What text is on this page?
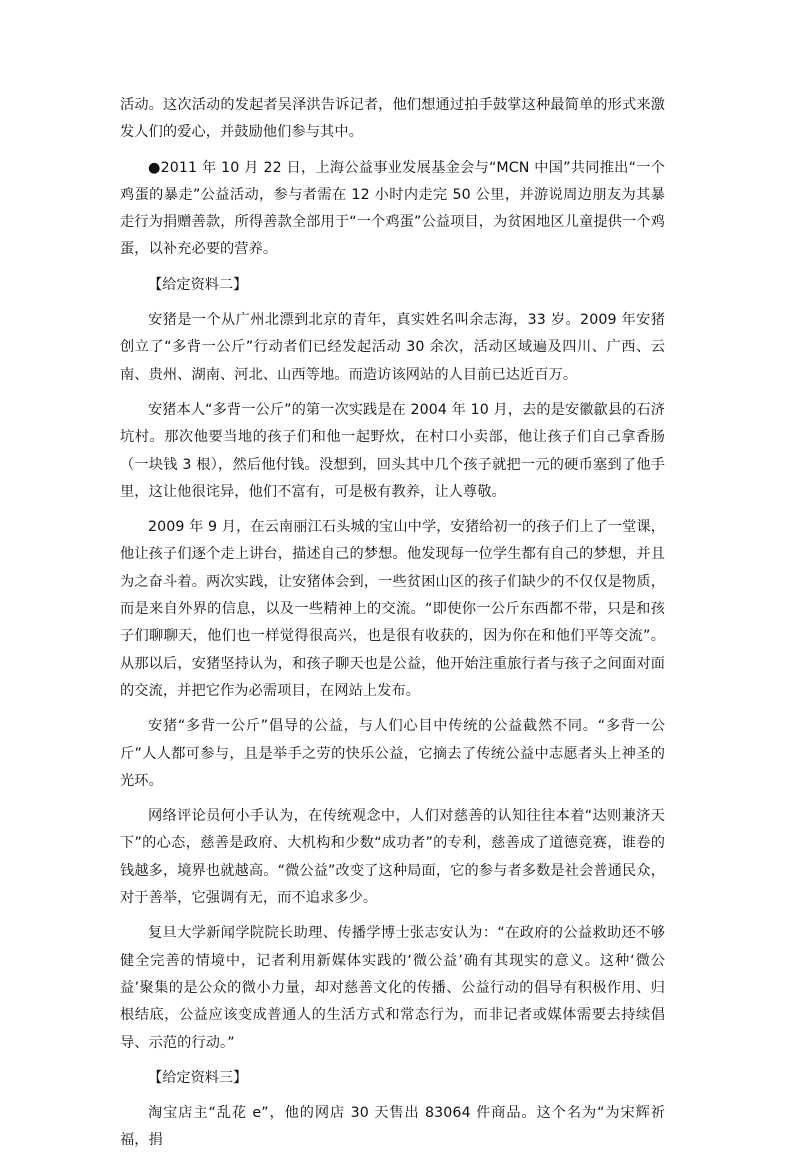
活动。这次活动的发起者吴泽洪告诉记者，他们想通过拍手鼓掌这种最简单的形式来激发人们的爱心，并鼓励他们参与其中。

●2011 年 10 月 22 日，上海公益事业发展基金会与“MCN 中国”共同推出“一个鸡蛋的暴走”公益活动，参与者需在 12 小时内走完 50 公里，并游说周边朋友为其暴走行为捐赠善款，所得善款全部用于“一个鸡蛋”公益项目，为贫困地区儿童提供一个鸡蛋，以补充必要的营养。

【给定资料二】

安猪是一个从广州北漂到北京的青年，真实姓名叫余志海，33 岁。2009 年安猪创立了“多背一公斤”行动者们已经发起活动 30 余次，活动区域遍及四川、广西、云南、贵州、湖南、河北、山西等地。而造访该网站的人目前已达近百万。

安猪本人“多背一公斤”的第一次实践是在 2004 年 10 月，去的是安徽歙县的石济坑村。那次他要当地的孩子们和他一起野炊，在村口小卖部，他让孩子们自己拿香肠（一块钱 3 根），然后他付钱。没想到，回头其中几个孩子就把一元的硬币塞到了他手里，这让他很诧异，他们不富有，可是极有教养，让人尊敬。

2009 年 9 月，在云南丽江石头城的宝山中学，安猪给初一的孩子们上了一堂课，他让孩子们逐个走上讲台，描述自己的梦想。他发现每一位学生都有自己的梦想，并且为之奋斗着。两次实践，让安猪体会到，一些贫困山区的孩子们缺少的不仅仅是物质，而是来自外界的信息，以及一些精神上的交流。“即使你一公斤东西都不带，只是和孩子们聊聊天，他们也一样觉得很高兴，也是很有收获的，因为你在和他们平等交流”。从那以后，安猪坚持认为，和孩子聊天也是公益，他开始注重旅行者与孩子之间面对面的交流，并把它作为必需项目，在网站上发布。

安猪“多背一公斤”倡导的公益，与人们心目中传统的公益截然不同。“多背一公斤”人人都可参与，且是举手之劳的快乐公益，它摘去了传统公益中志愿者头上神圣的光环。

网络评论员何小手认为，在传统观念中，人们对慈善的认知往往本着“达则兼济天下”的心态，慈善是政府、大机构和少数“成功者”的专利，慈善成了道德竞赛，谁卷的钱越多，境界也就越高。“微公益”改变了这种局面，它的参与者多数是社会普通民众，对于善举，它强调有无，而不追求多少。

复旦大学新闻学院院长助理、传播学博士张志安认为：“在政府的公益救助还不够健全完善的情境中，记者利用新媒体实践的‘微公益’确有其现实的意义。这种‘微公益’聚集的是公众的微小力量，却对慈善文化的传播、公益行动的倡导有积极作用、归根结底，公益应该变成普通人的生活方式和常态行为，而非记者或媒体需要去持续倡导、示范的行动。”

【给定资料三】

淘宝店主“乱花 e”，他的网店 30 天售出 83064 件商品。这个名为“为宋辉祈福，捐
